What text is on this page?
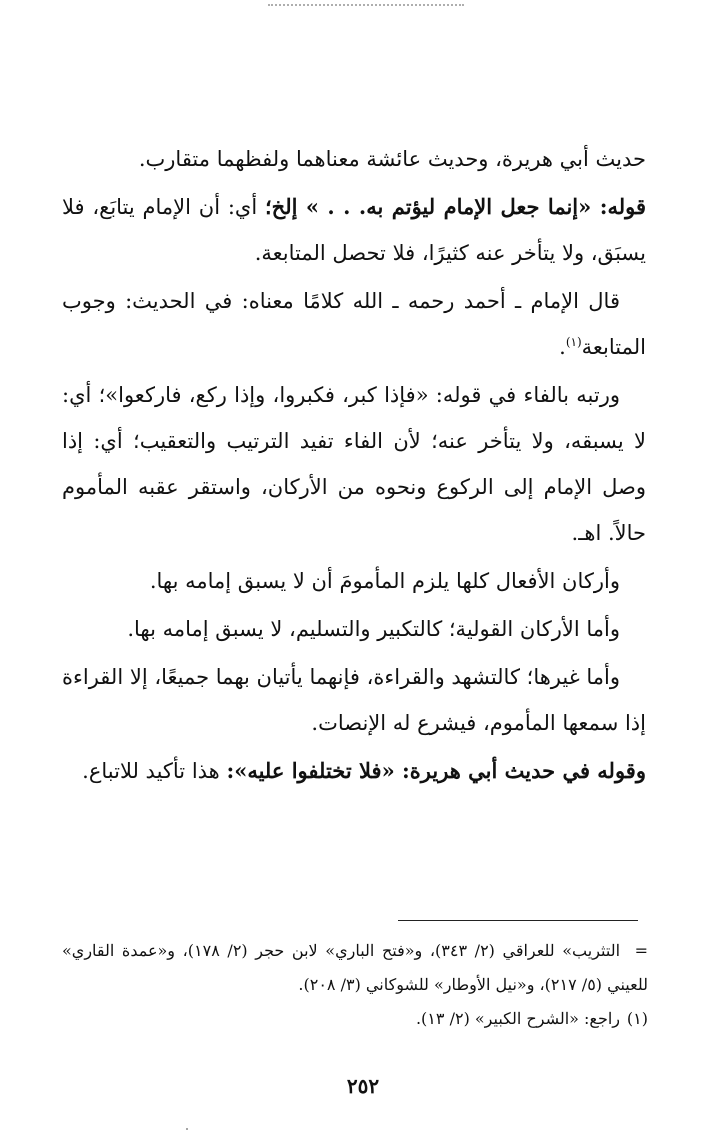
حديث أبي هريرة، وحديث عائشة معناهما ولفظهما متقارب.

قوله: «إنما جعل الإمام ليؤتم به. . . » إلخ؛ أي: أن الإمام يتابَع، فلا يسبَق، ولا يتأخر عنه كثيرًا، فلا تحصل المتابعة.

قال الإمام ـ أحمد رحمه ـ الله كلامًا معناه: في الحديث: وجوب المتابعة$^{(١)}$.

ورتبه بالفاء في قوله: «فإذا كبر، فكبروا، وإذا ركع، فاركعوا»؛ أي: لا يسبقه، ولا يتأخر عنه؛ لأن الفاء تفيد الترتيب والتعقيب؛ أي: إذا وصل الإمام إلى الركوع ونحوه من الأركان، واستقر عقبه المأموم حالاً. اهـ.

وأركان الأفعال كلها يلزم المأمومَ أن لا يسبق إمامه بها.

وأما الأركان القولية؛ كالتكبير والتسليم، لا يسبق إمامه بها.

وأما غيرها؛ كالتشهد والقراءة، فإنهما يأتيان بهما جميعًا، إلا القراءة إذا سمعها المأموم، فيشرع له الإنصات.

وقوله في حديث أبي هريرة: «فلا تختلفوا عليه»: هذا تأكيد للاتباع.

=التثريب» للعراقي (٢/ ٣٤٣)، و«فتح الباري» لابن حجر (٢/ ١٧٨)، و«عمدة القاري» للعيني (٥/ ٢١٧)، و«نيل الأوطار» للشوكاني (٣/ ٢٠٨).

(١)راجع: «الشرح الكبير» (٢/ ١٣).

٢٥٢
